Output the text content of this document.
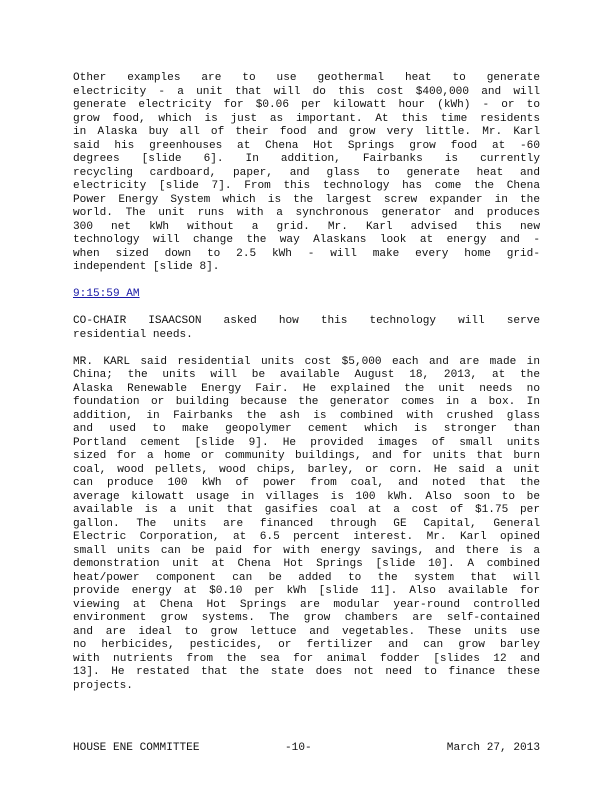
Other examples are to use geothermal heat to generate
electricity - a unit that will do this cost $400,000 and will
generate electricity for $0.06 per kilowatt hour (kWh) - or to
grow food, which is just as important. At this time residents
in Alaska buy all of their food and grow very little. Mr. Karl
said his greenhouses at Chena Hot Springs grow food at -60
degrees [slide 6]. In addition, Fairbanks is currently
recycling cardboard, paper, and glass to generate heat and
electricity [slide 7]. From this technology has come the Chena
Power Energy System which is the largest screw expander in the
world. The unit runs with a synchronous generator and produces
300 net kWh without a grid. Mr. Karl advised this new
technology will change the way Alaskans look at energy and -
when sized down to 2.5 kWh - will make every home grid-
independent [slide 8].
9:15:59 AM
CO-CHAIR ISAACSON asked how this technology will serve
residential needs.
MR. KARL said residential units cost $5,000 each and are made in
China; the units will be available August 18, 2013, at the
Alaska Renewable Energy Fair. He explained the unit needs no
foundation or building because the generator comes in a box. In
addition, in Fairbanks the ash is combined with crushed glass
and used to make geopolymer cement which is stronger than
Portland cement [slide 9]. He provided images of small units
sized for a home or community buildings, and for units that burn
coal, wood pellets, wood chips, barley, or corn. He said a unit
can produce 100 kWh of power from coal, and noted that the
average kilowatt usage in villages is 100 kWh. Also soon to be
available is a unit that gasifies coal at a cost of $1.75 per
gallon. The units are financed through GE Capital, General
Electric Corporation, at 6.5 percent interest. Mr. Karl opined
small units can be paid for with energy savings, and there is a
demonstration unit at Chena Hot Springs [slide 10]. A combined
heat/power component can be added to the system that will
provide energy at $0.10 per kWh [slide 11]. Also available for
viewing at Chena Hot Springs are modular year-round controlled
environment grow systems. The grow chambers are self-contained
and are ideal to grow lettuce and vegetables. These units use
no herbicides, pesticides, or fertilizer and can grow barley
with nutrients from the sea for animal fodder [slides 12 and
13]. He restated that the state does not need to finance these
projects.
HOUSE ENE COMMITTEE	-10-	March 27, 2013
